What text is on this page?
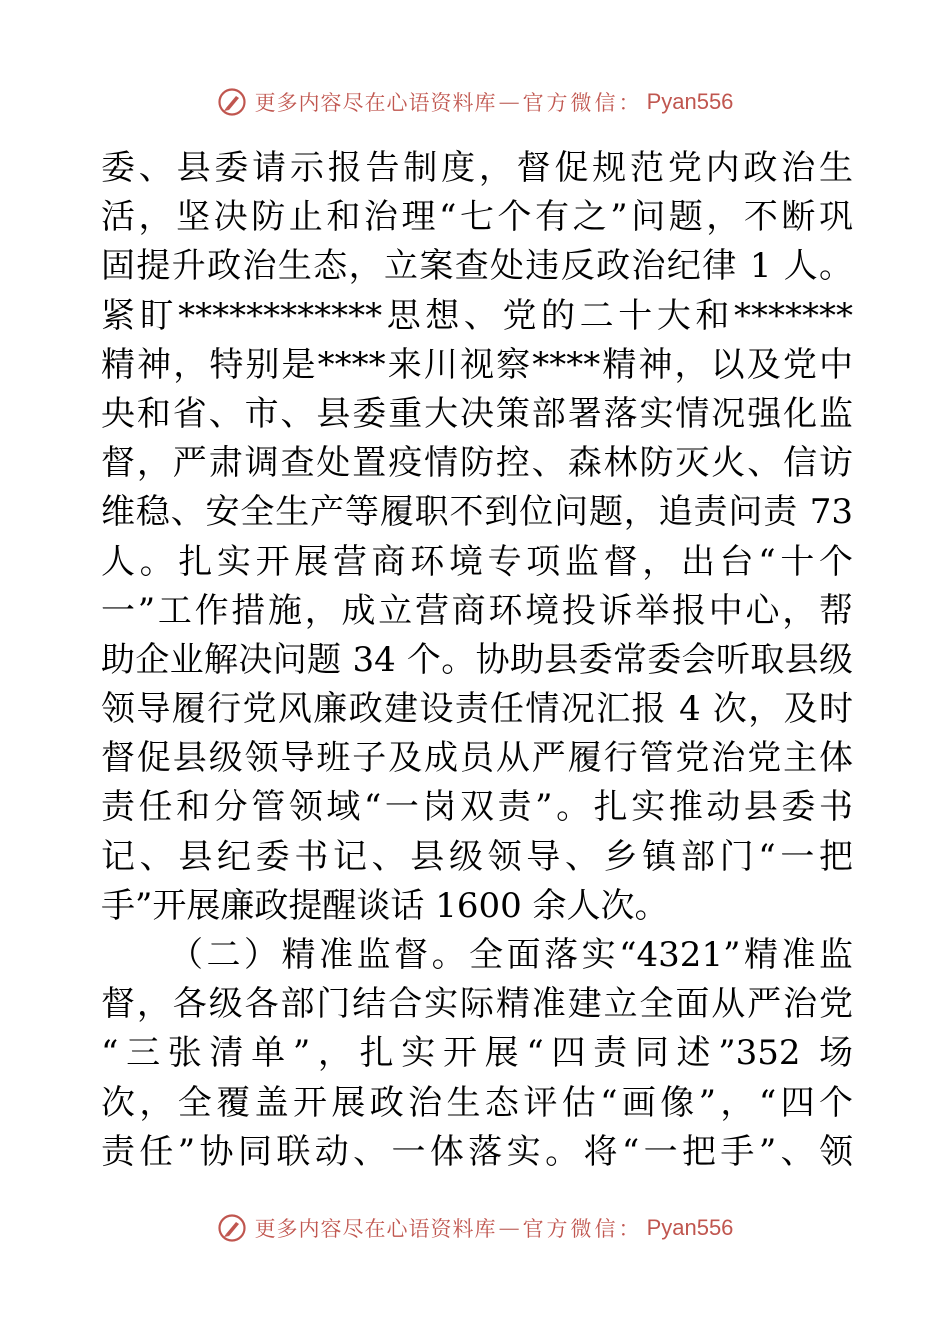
更多内容尽在心语资料库 — 官方微信： Pyan556
委、县委请示报告制度，督促规范党内政治生
活，坚决防止和治理“七个有之”问题，不断巩
固提升政治生态，立案查处违反政治纪律 1 人。
紧盯************思想、党的二十大和*******
精神，特别是****来川视察****精神，以及党中
央和省、市、县委重大决策部署落实情况强化监
督，严肃调查处置疫情防控、森林防灭火、信访
维稳、安全生产等履职不到位问题，追责问责 73
人。扎实开展营商环境专项监督，出台“十个
一”工作措施，成立营商环境投诉举报中心，帮
助企业解决问题 34 个。协助县委常委会听取县级
领导履行党风廉政建设责任情况汇报 4 次，及时
督促县级领导班子及成员从严履行管党治党主体
责任和分管领域“一岗双责”。扎实推动县委书
记、县纪委书记、县级领导、乡镇部门“一把
手”开展廉政提醒谈话 1600 余人次。
（二）精准监督。全面落实“4321”精准监
督，各级各部门结合实际精准建立全面从严治党
“三张清单”，扎实开展“四责同述”352 场
次，全覆盖开展政治生态评估“画像”，“四个
责任”协同联动、一体落实。将“一把手”、领
更多内容尽在心语资料库 — 官方微信： Pyan556
